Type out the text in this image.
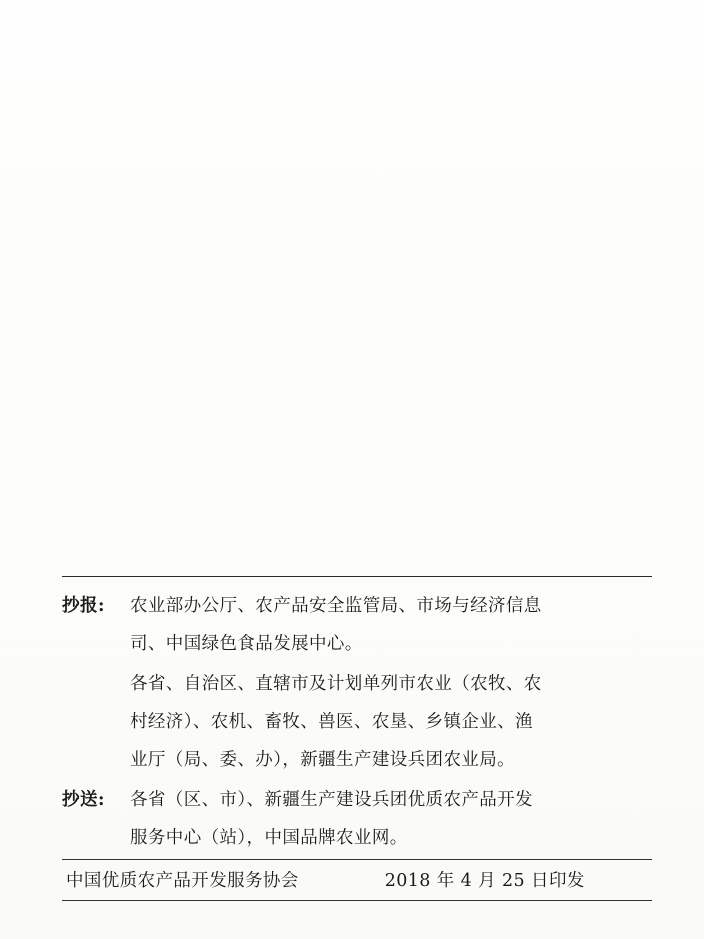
抄报:	农业部办公厅、农产品安全监管局、市场与经济信息
司、中国绿色食品发展中心。
各省、自治区、直辖市及计划单列市农业（农牧、农
村经济）、农机、畜牧、兽医、农垦、乡镇企业、渔
业厅（局、委、办），新疆生产建设兵团农业局。
抄送:	各省（区、市）、新疆生产建设兵团优质农产品开发
服务中心（站），中国品牌农业网。
中国优质农产品开发服务协会	2018 年 4 月 25 日印发
